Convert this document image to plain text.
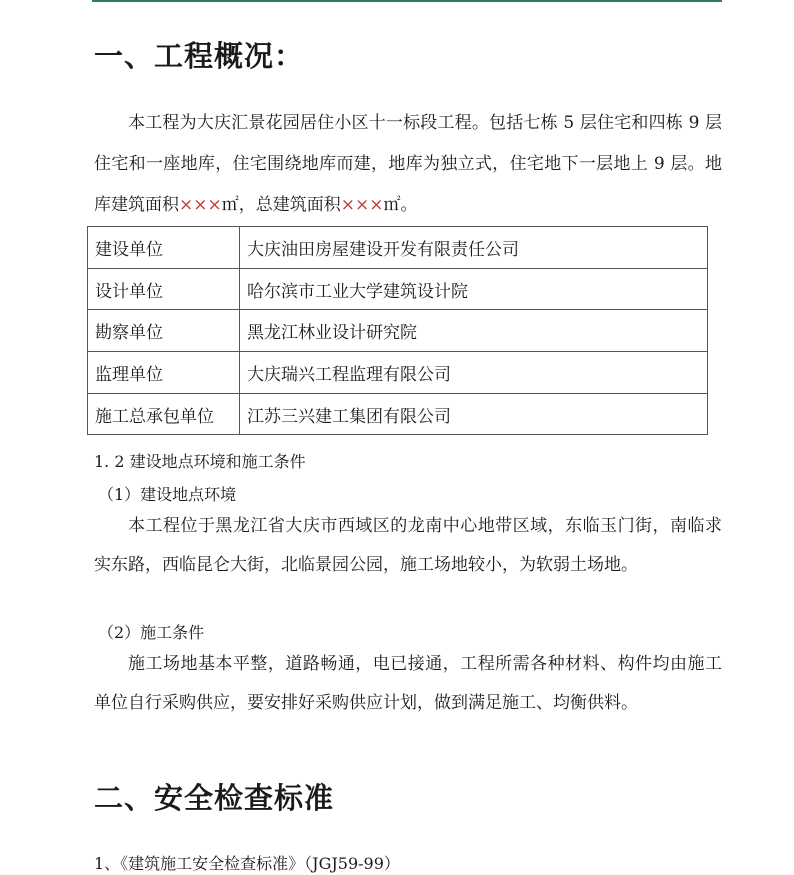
一、工程概况：
本工程为大庆汇景花园居住小区十一标段工程。包括七栋 5 层住宅和四栋 9 层住宅和一座地库，住宅围绕地库而建，地库为独立式，住宅地下一层地上 9 层。地库建筑面积×××㎡，总建筑面积×××㎡。
建设单位	大庆油田房屋建设开发有限责任公司
设计单位	哈尔滨市工业大学建筑设计院
勘察单位	黑龙江林业设计研究院
监理单位	大庆瑞兴工程监理有限公司
施工总承包单位	江苏三兴建工集团有限公司
1. 2 建设地点环境和施工条件
（1）建设地点环境
本工程位于黑龙江省大庆市西域区的龙南中心地带区域，东临玉门街，南临求实东路，西临昆仑大街，北临景园公园，施工场地较小，为软弱土场地。
（2）施工条件
施工场地基本平整，道路畅通，电已接通，工程所需各种材料、构件均由施工单位自行采购供应，要安排好采购供应计划，做到满足施工、均衡供料。
二、安全检查标准
1、《建筑施工安全检查标准》（JGJ59-99）
